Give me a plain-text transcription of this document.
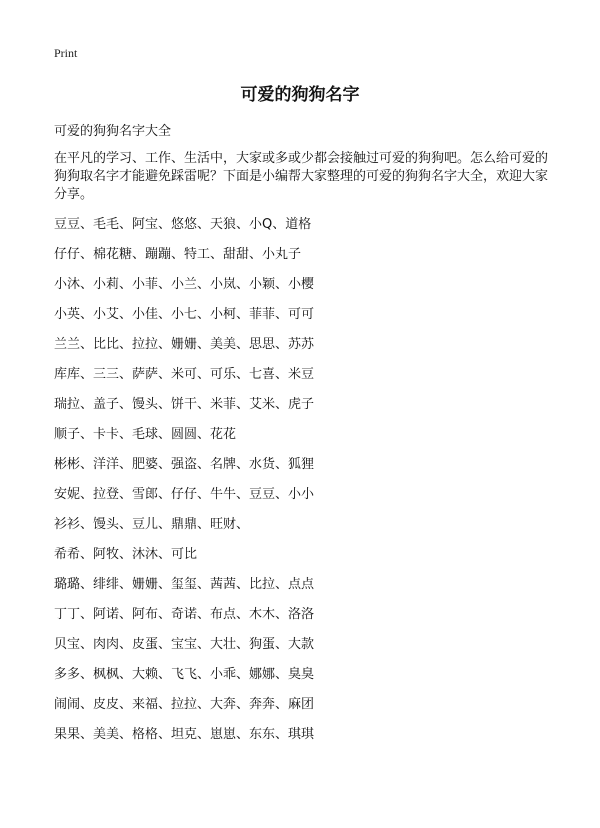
Print
可爱的狗狗名字

可爱的狗狗名字大全

在平凡的学习、工作、生活中，大家或多或少都会接触过可爱的狗狗吧。怎么给可爱的狗狗取名字才能避免踩雷呢？下面是小编帮大家整理的可爱的狗狗名字大全，欢迎大家分享。

豆豆、毛毛、阿宝、悠悠、天狼、小Q、道格
仔仔、棉花糖、蹦蹦、特工、甜甜、小丸子
小沐、小莉、小菲、小兰、小岚、小颖、小樱
小英、小艾、小佳、小七、小柯、菲菲、可可
兰兰、比比、拉拉、姗姗、美美、思思、苏苏
库库、三三、萨萨、米可、可乐、七喜、米豆
瑞拉、盖子、馒头、饼干、米菲、艾米、虎子
顺子、卡卡、毛球、圆圆、花花
彬彬、洋洋、肥婆、强盗、名牌、水货、狐狸
安妮、拉登、雪郎、仔仔、牛牛、豆豆、小小
衫衫、馒头、豆儿、鼎鼎、旺财、
希希、阿牧、沐沐、可比
璐璐、绯绯、姗姗、玺玺、茜茜、比拉、点点
丁丁、阿诺、阿布、奇诺、布点、木木、洛洛
贝宝、肉肉、皮蛋、宝宝、大壮、狗蛋、大款
多多、枫枫、大赖、飞飞、小乖、娜娜、臭臭
闹闹、皮皮、来福、拉拉、大奔、奔奔、麻团
果果、美美、格格、坦克、崽崽、东东、琪琪
